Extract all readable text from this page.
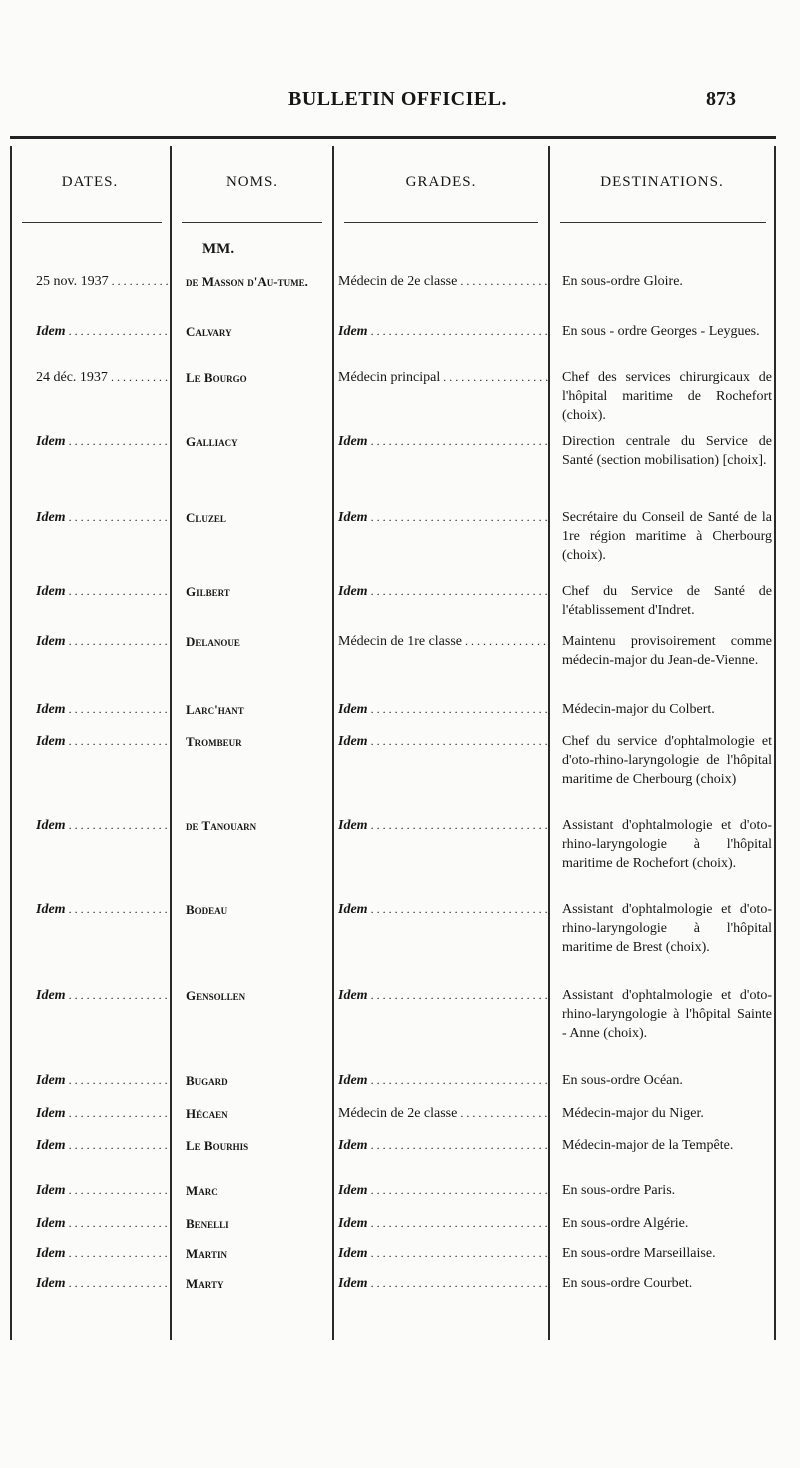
BULLETIN OFFICIEL.	873
DATES.	NOMS.	GRADES.	DESTINATIONS.
MM.
25 nov. 1937 . . .	de Masson d'Au-tume.	Médecin de 2e classe . . .	En sous-ordre Gloire.
Idem . . .	Calvary	Idem . . .	En sous - ordre Georges - Leygues.
24 déc. 1937 . . .	Le Bourgo	Médecin principal . . .	Chef des services chirurgicaux de l'hôpital maritime de Rochefort (choix).
Idem . . .	Galliacy	Idem . . .	Direction centrale du Service de Santé (section mobilisation) [choix].
Idem . . .	Cluzel	Idem . . .	Secrétaire du Conseil de Santé de la 1re région maritime à Cherbourg (choix).
Idem . . .	Gilbert	Idem . . .	Chef du Service de Santé de l'établissement d'Indret.
Idem . . .	Delanoue	Médecin de 1re classe . . .	Maintenu provisoirement comme médecin-major du Jean-de-Vienne.
Idem . . .	Larc'hant	Idem . . .	Médecin-major du Colbert.
Idem . . .	Trombeur	Idem . . .	Chef du service d'ophtalmologie et d'oto-rhino-laryngologie de l'hôpital maritime de Cherbourg (choix)
Idem . . .	de Tanouarn	Idem . . .	Assistant d'ophtalmologie et d'oto-rhino-laryngologie à l'hôpital maritime de Rochefort (choix).
Idem . . .	Bodeau	Idem . . .	Assistant d'ophtalmologie et d'oto-rhino-laryngologie à l'hôpital maritime de Brest (choix).
Idem . . .	Gensollen	Idem . . .	Assistant d'ophtalmologie et d'oto-rhino-laryngologie à l'hôpital Sainte - Anne (choix).
Idem . . .	Bugard	Idem . . .	En sous-ordre Océan.
Idem . . .	Hécaen	Médecin de 2e classe . . .	Médecin-major du Niger.
Idem . . .	Le Bourhis	Idem . . .	Médecin-major de la Tempête.
Idem . . .	Marc	Idem . . .	En sous-ordre Paris.
Idem . . .	Benelli	Idem . . .	En sous-ordre Algérie.
Idem . . .	Martin	Idem . . .	En sous-ordre Marseillaise.
Idem . . .	Marty	Idem . . .	En sous-ordre Courbet.
